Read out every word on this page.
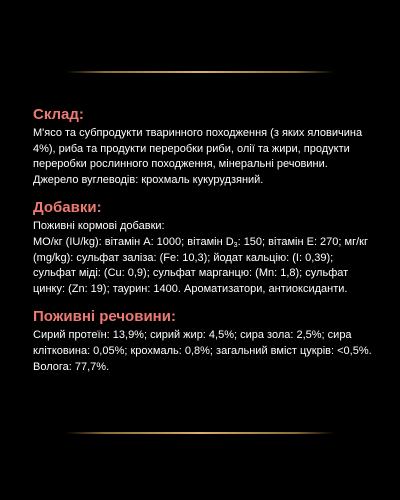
Склад:

М'ясо та субпродукти тваринного походження (з яких яловичина 4%), риба та продукти переробки риби, олії та жири, продукти переробки рослинного походження, мінеральні речовини.

Джерело вуглеводів: крохмаль кукурудзяний.

Добавки:

Поживні кормові добавки:

МО/кг (IU/kg): вітамін А: 1000; вітамін $D_3$: 150; вітамін Е: 270; мг/кг (mg/kg): сульфат заліза: (Fe: 10,3); йодат кальцію: (I: 0,39); сульфат міді: (Cu: 0,9); сульфат марганцю: (Mn: 1,8); сульфат цинку: (Zn: 19); таурин: 1400. Ароматизатори, антиоксиданти.

Поживні речовини:

Сирий протеїн: 13,9%; сирий жир: 4,5%; сира зола: 2,5%; сира клітковина: 0,05%; крохмаль: 0,8%; загальний вміст цукрів: <0,5%. Волога: 77,7%.
